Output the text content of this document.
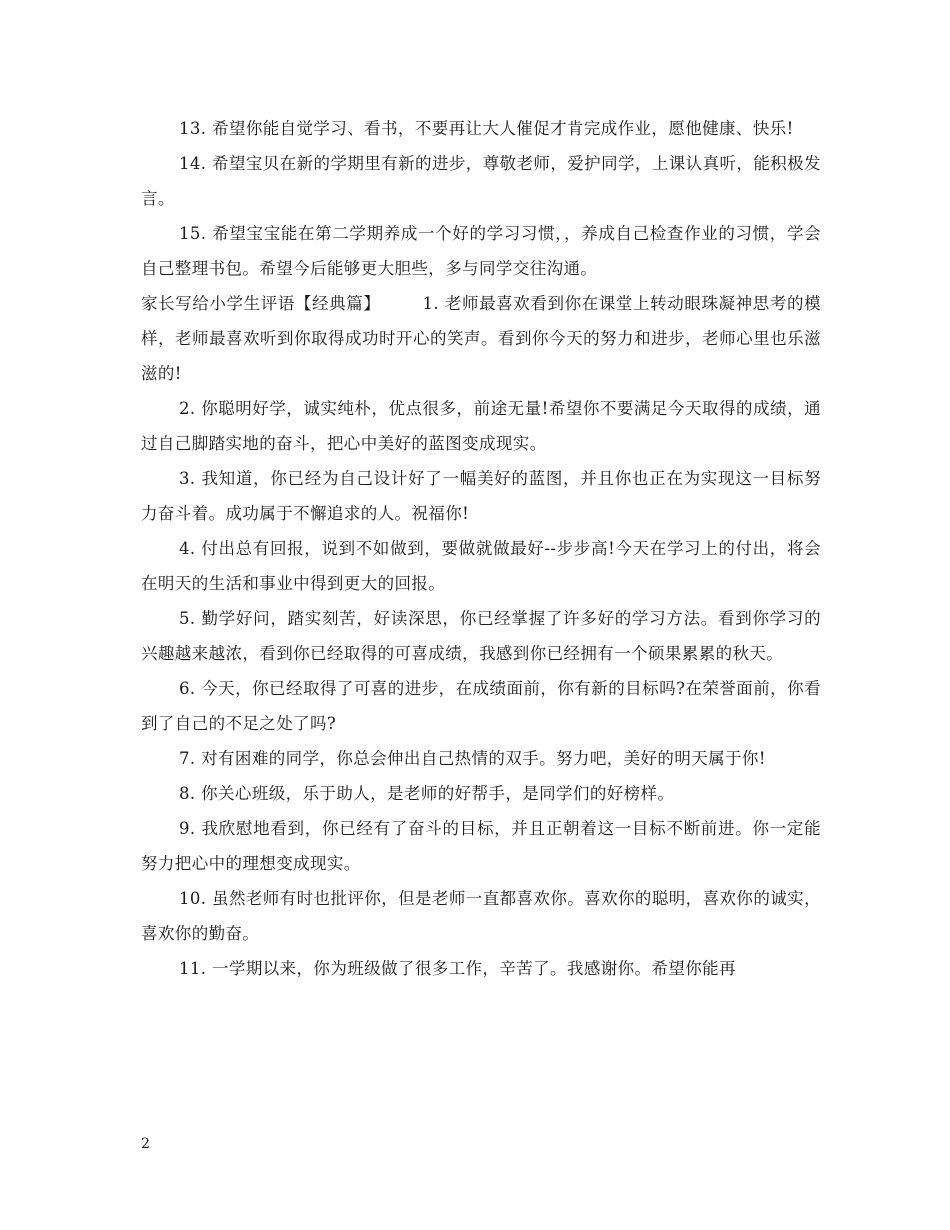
13. 希望你能自觉学习、看书，不要再让大人催促才肯完成作业，愿他健康、快乐!

14. 希望宝贝在新的学期里有新的进步，尊敬老师，爱护同学，上课认真听，能积极发言。

15. 希望宝宝能在第二学期养成一个好的学习习惯，，养成自己检查作业的习惯，学会自己整理书包。希望今后能够更大胆些，多与同学交往沟通。

家长写给小学生评语【经典篇】	1. 老师最喜欢看到你在课堂上转动眼珠凝神思考的模样，老师最喜欢听到你取得成功时开心的笑声。看到你今天的努力和进步，老师心里也乐滋滋的!

2. 你聪明好学，诚实纯朴，优点很多，前途无量!希望你不要满足今天取得的成绩，通过自己脚踏实地的奋斗，把心中美好的蓝图变成现实。

3. 我知道，你已经为自己设计好了一幅美好的蓝图，并且你也正在为实现这一目标努力奋斗着。成功属于不懈追求的人。祝福你!

4. 付出总有回报，说到不如做到，要做就做最好--步步高!今天在学习上的付出，将会在明天的生活和事业中得到更大的回报。

5. 勤学好问，踏实刻苦，好读深思，你已经掌握了许多好的学习方法。看到你学习的兴趣越来越浓，看到你已经取得的可喜成绩，我感到你已经拥有一个硕果累累的秋天。

6. 今天，你已经取得了可喜的进步，在成绩面前，你有新的目标吗?在荣誉面前，你看到了自己的不足之处了吗?

7. 对有困难的同学，你总会伸出自己热情的双手。努力吧，美好的明天属于你!

8. 你关心班级，乐于助人，是老师的好帮手，是同学们的好榜样。

9. 我欣慰地看到，你已经有了奋斗的目标，并且正朝着这一目标不断前进。你一定能努力把心中的理想变成现实。

10. 虽然老师有时也批评你，但是老师一直都喜欢你。喜欢你的聪明，喜欢你的诚实，喜欢你的勤奋。

11. 一学期以来，你为班级做了很多工作，辛苦了。我感谢你。希望你能再

2
